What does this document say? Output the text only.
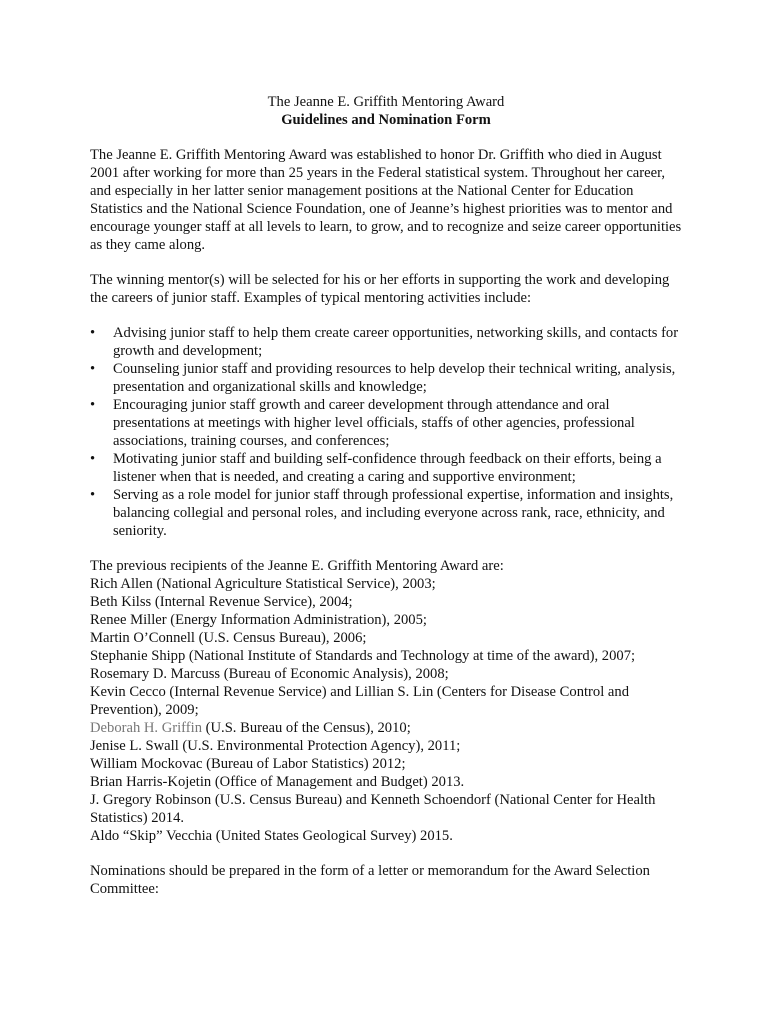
The Jeanne E. Griffith Mentoring Award
Guidelines and Nomination Form

The Jeanne E. Griffith Mentoring Award was established to honor Dr. Griffith who died in August 2001 after working for more than 25 years in the Federal statistical system. Throughout her career, and especially in her latter senior management positions at the National Center for Education Statistics and the National Science Foundation, one of Jeanne’s highest priorities was to mentor and encourage younger staff at all levels to learn, to grow, and to recognize and seize career opportunities as they came along.

The winning mentor(s) will be selected for his or her efforts in supporting the work and developing the careers of junior staff. Examples of typical mentoring activities include:

• Advising junior staff to help them create career opportunities, networking skills, and contacts for growth and development;
• Counseling junior staff and providing resources to help develop their technical writing, analysis, presentation and organizational skills and knowledge;
• Encouraging junior staff growth and career development through attendance and oral presentations at meetings with higher level officials, staffs of other agencies, professional associations, training courses, and conferences;
• Motivating junior staff and building self-confidence through feedback on their efforts, being a listener when that is needed, and creating a caring and supportive environment;
• Serving as a role model for junior staff through professional expertise, information and insights, balancing collegial and personal roles, and including everyone across rank, race, ethnicity, and seniority.
The previous recipients of the Jeanne E. Griffith Mentoring Award are:
Rich Allen (National Agriculture Statistical Service), 2003;
Beth Kilss (Internal Revenue Service), 2004;
Renee Miller (Energy Information Administration), 2005;
Martin O’Connell (U.S. Census Bureau), 2006;
Stephanie Shipp (National Institute of Standards and Technology at time of the award), 2007;
Rosemary D. Marcuss (Bureau of Economic Analysis), 2008;
Kevin Cecco (Internal Revenue Service) and Lillian S. Lin (Centers for Disease Control and Prevention), 2009;
Deborah H. Griffin (U.S. Bureau of the Census), 2010;
Jenise L. Swall (U.S. Environmental Protection Agency), 2011;
William Mockovac (Bureau of Labor Statistics) 2012;
Brian Harris-Kojetin (Office of Management and Budget) 2013.
J. Gregory Robinson (U.S. Census Bureau) and Kenneth Schoendorf (National Center for Health Statistics) 2014.
Aldo “Skip” Vecchia (United States Geological Survey) 2015.

Nominations should be prepared in the form of a letter or memorandum for the Award Selection Committee:
